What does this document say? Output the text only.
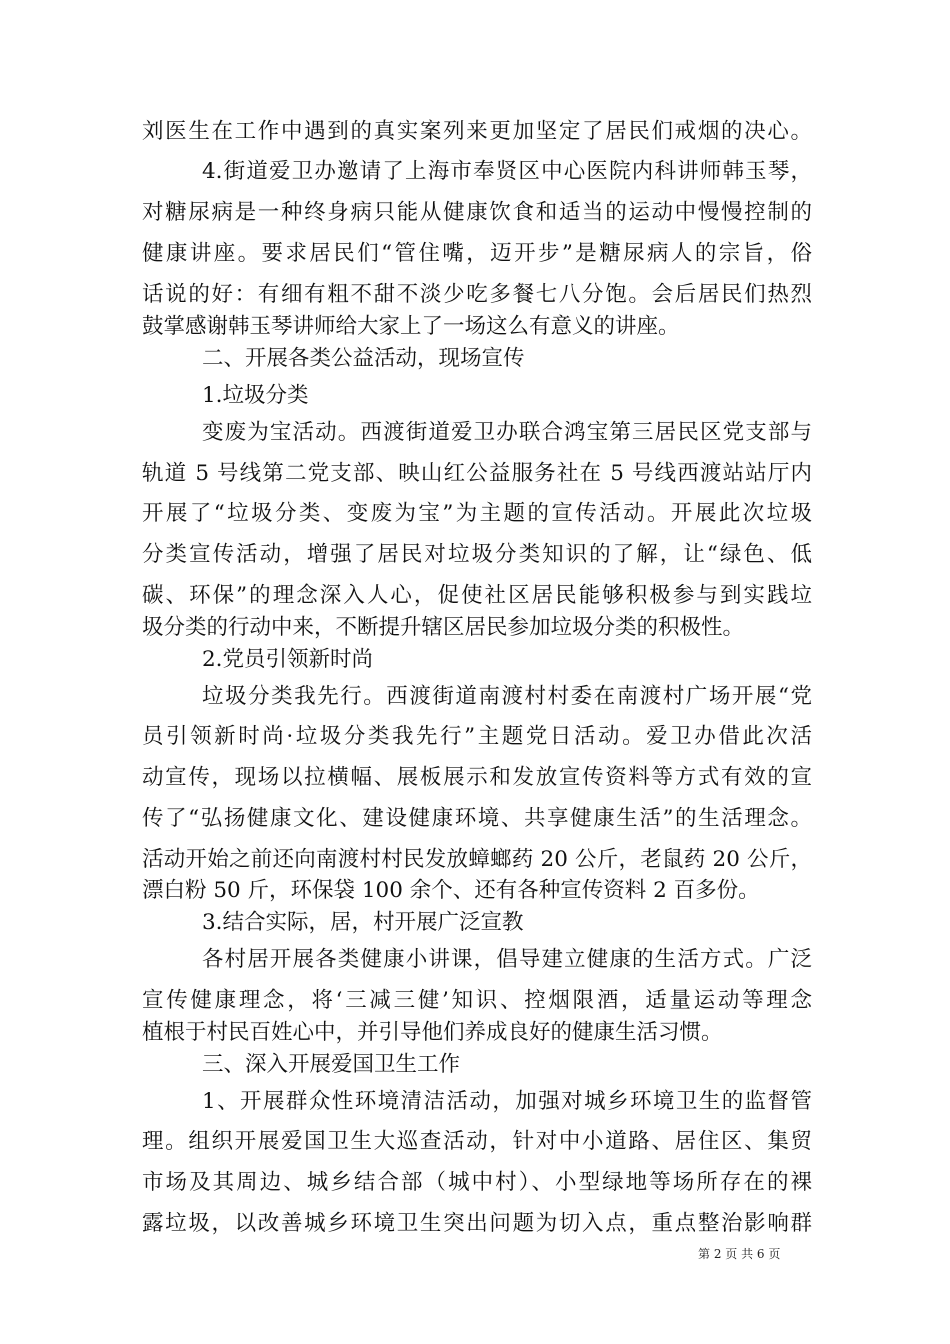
刘医生在工作中遇到的真实案列来更加坚定了居民们戒烟的决心。
4.街道爱卫办邀请了上海市奉贤区中心医院内科讲师韩玉琴，
对糖尿病是一种终身病只能从健康饮食和适当的运动中慢慢控制的
健康讲座。要求居民们“管住嘴，迈开步”是糖尿病人的宗旨，俗
话说的好：有细有粗不甜不淡少吃多餐七八分饱。会后居民们热烈
鼓掌感谢韩玉琴讲师给大家上了一场这么有意义的讲座。
二、开展各类公益活动，现场宣传
1.垃圾分类
变废为宝活动。西渡街道爱卫办联合鸿宝第三居民区党支部与
轨道 5 号线第二党支部、映山红公益服务社在 5 号线西渡站站厅内
开展了“垃圾分类、变废为宝”为主题的宣传活动。开展此次垃圾
分类宣传活动，增强了居民对垃圾分类知识的了解，让“绿色、低
碳、环保”的理念深入人心，促使社区居民能够积极参与到实践垃
圾分类的行动中来，不断提升辖区居民参加垃圾分类的积极性。
2.党员引领新时尚
垃圾分类我先行。西渡街道南渡村村委在南渡村广场开展“党
员引领新时尚·垃圾分类我先行”主题党日活动。爱卫办借此次活
动宣传，现场以拉横幅、展板展示和发放宣传资料等方式有效的宣
传了“弘扬健康文化、建设健康环境、共享健康生活”的生活理念。
活动开始之前还向南渡村村民发放蟑螂药 20 公斤，老鼠药 20 公斤，
漂白粉 50 斤，环保袋 100 余个、还有各种宣传资料 2 百多份。
3.结合实际，居，村开展广泛宣教
各村居开展各类健康小讲课，倡导建立健康的生活方式。广泛
宣传健康理念，将‘三减三健’知识、控烟限酒，适量运动等理念
植根于村民百姓心中，并引导他们养成良好的健康生活习惯。
三、深入开展爱国卫生工作
1、开展群众性环境清洁活动，加强对城乡环境卫生的监督管
理。组织开展爱国卫生大巡查活动，针对中小道路、居住区、集贸
市场及其周边、城乡结合部（城中村）、小型绿地等场所存在的裸
露垃圾，以改善城乡环境卫生突出问题为切入点，重点整治影响群
第 2 页 共 6 页
